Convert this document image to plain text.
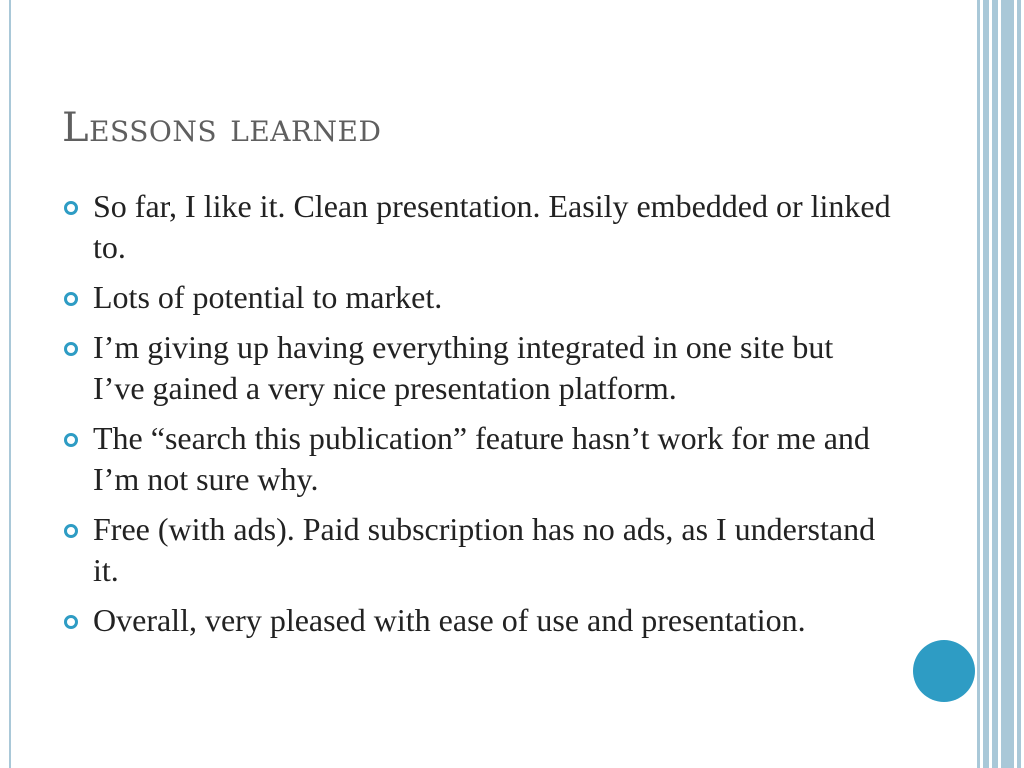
Lessons learned
So far, I like it. Clean presentation. Easily embedded or linked to.
Lots of potential to market.
I’m giving up having everything integrated in one site but I’ve gained a very nice presentation platform.
The “search this publication” feature hasn’t work for me and I’m not sure why.
Free (with ads). Paid subscription has no ads, as I understand it.
Overall, very pleased with ease of use and presentation.
